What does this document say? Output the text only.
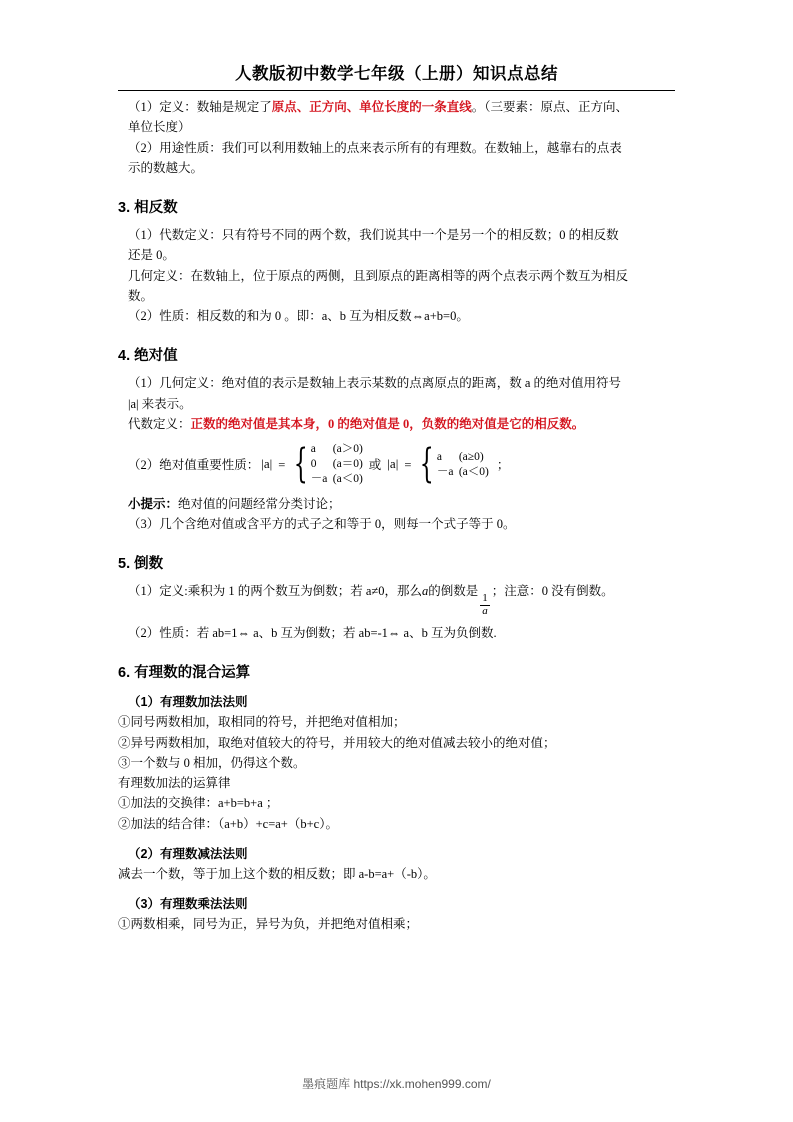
人教版初中数学七年级（上册）知识点总结

（1）定义：数轴是规定了原点、正方向、单位长度的一条直线。（三要素：原点、正方向、

单位长度）

（2）用途性质：我们可以利用数轴上的点来表示所有的有理数。在数轴上，越靠右的点表

示的数越大。

3. 相反数

（1）代数定义：只有符号不同的两个数，我们说其中一个是另一个的相反数；0 的相反数

还是 0。

几何定义：在数轴上，位于原点的两侧，且到原点的距离相等的两个点表示两个数互为相反

数。

（2）性质：相反数的和为 0 。即：a、b 互为相反数⇔a+b=0。

4. 绝对值

（1）几何定义：绝对值的表示是数轴上表示某数的点离原点的距离，数 a 的绝对值用符号

|a| 来表示。

代数定义：正数的绝对值是其本身，0 的绝对值是 0，负数的绝对值是它的相反数。

（2）绝对值重要性质： |a| = { a (a＞0)
0 (a＝0)
－a (a＜0)
或 |a| = { a (a≥0)
－a (a＜0)
；

小提示：绝对值的问题经常分类讨论；

（3）几个含绝对值或含平方的式子之和等于 0，则每一个式子等于 0。

5. 倒数

（1）定义:乘积为 1 的两个数互为倒数；若 a≠0，那么a的倒数是
$\frac{1}{a}$
；注意：0 没有倒数。

（2）性质：若 ab=1⇔ a、b 互为倒数；若 ab=-1⇔ a、b 互为负倒数.

6. 有理数的混合运算

（1）有理数加法法则

①同号两数相加，取相同的符号，并把绝对值相加；

②异号两数相加，取绝对值较大的符号，并用较大的绝对值减去较小的绝对值；

③一个数与 0 相加，仍得这个数。

有理数加法的运算律

①加法的交换律：a+b=b+a ；

②加法的结合律：（a+b）+c=a+（b+c）。

（2）有理数减法法则

减去一个数，等于加上这个数的相反数；即 a-b=a+（-b）。

（3）有理数乘法法则

①两数相乘，同号为正，异号为负，并把绝对值相乘；

墨痕题库 https://xk.mohen999.com/
